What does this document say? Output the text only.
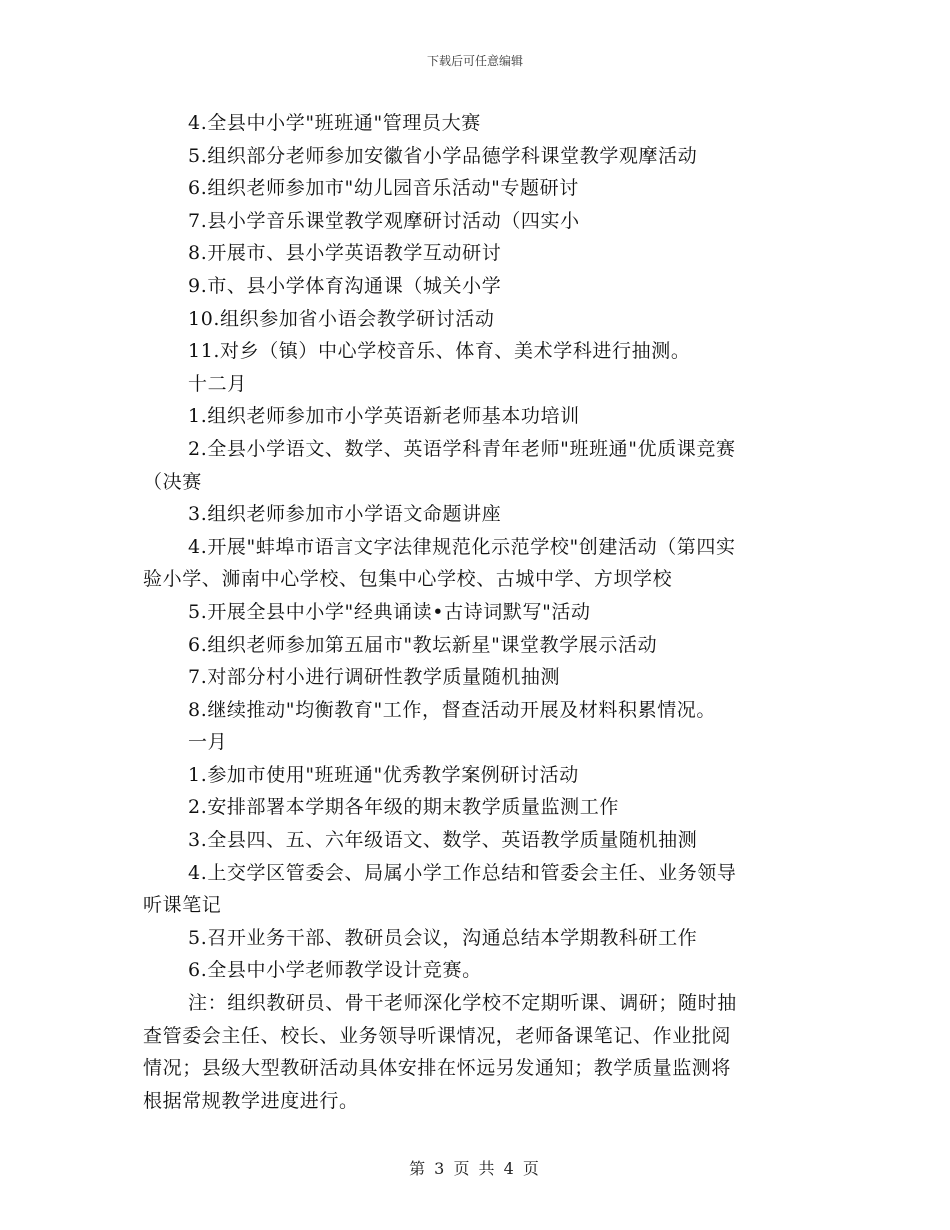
下载后可任意编辑
4.全县中小学"班班通"管理员大赛
5.组织部分老师参加安徽省小学品德学科课堂教学观摩活动
6.组织老师参加市"幼儿园音乐活动"专题研讨
7.县小学音乐课堂教学观摩研讨活动（四实小
8.开展市、县小学英语教学互动研讨
9.市、县小学体育沟通课（城关小学
10.组织参加省小语会教学研讨活动
11.对乡（镇）中心学校音乐、体育、美术学科进行抽测。
十二月
1.组织老师参加市小学英语新老师基本功培训
2.全县小学语文、数学、英语学科青年老师"班班通"优质课竞赛
（决赛
3.组织老师参加市小学语文命题讲座
4.开展"蚌埠市语言文字法律规范化示范学校"创建活动（第四实
验小学、浉南中心学校、包集中心学校、古城中学、方坝学校
5.开展全县中小学"经典诵读•古诗词默写"活动
6.组织老师参加第五届市"教坛新星"课堂教学展示活动
7.对部分村小进行调研性教学质量随机抽测
8.继续推动"均衡教育"工作，督查活动开展及材料积累情况。
一月
1.参加市使用"班班通"优秀教学案例研讨活动
2.安排部署本学期各年级的期末教学质量监测工作
3.全县四、五、六年级语文、数学、英语教学质量随机抽测
4.上交学区管委会、局属小学工作总结和管委会主任、业务领导
听课笔记
5.召开业务干部、教研员会议，沟通总结本学期教科研工作
6.全县中小学老师教学设计竞赛。
注：组织教研员、骨干老师深化学校不定期听课、调研；随时抽
查管委会主任、校长、业务领导听课情况，老师备课笔记、作业批阅
情况；县级大型教研活动具体安排在怀远另发通知；教学质量监测将
根据常规教学进度进行。
第 3 页 共 4 页
